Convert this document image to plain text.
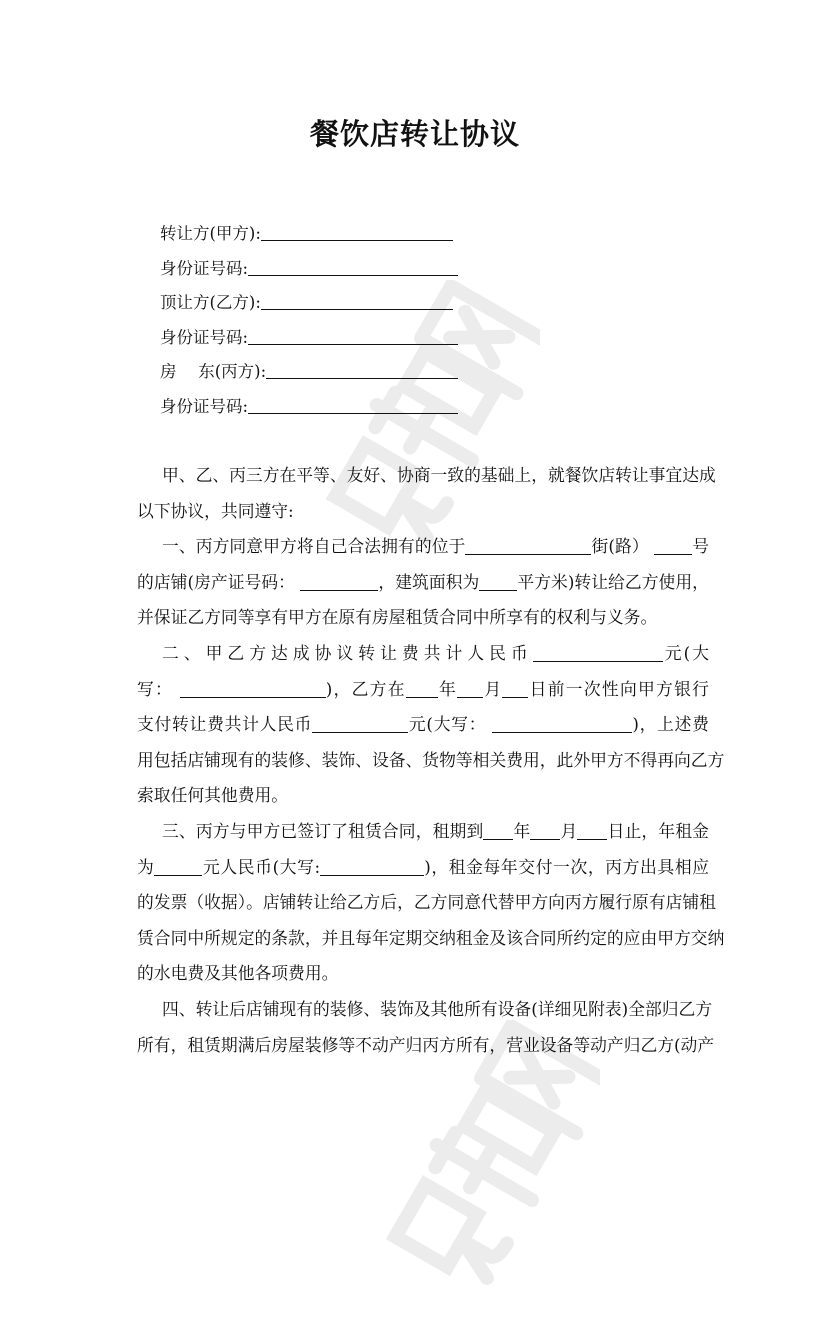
餐饮店转让协议
转让方(甲方):
身份证号码:
顶让方(乙方):
身份证号码:
房　 东(丙方):
身份证号码:
甲、乙、丙三方在平等、友好、协商一致的基础上，就餐饮店转让事宜达成
以下协议，共同遵守:
一、丙方同意甲方将自己合法拥有的位于	街(路）	号
的店铺(房产证号码：	，建筑面积为 平方米)转让给乙方使用，
并保证乙方同等享有甲方在原有房屋租赁合同中所享有的权利与义务。
二、甲乙方达成协议转让费共计人民币	元(大
写：	)，乙方在 年 月 日前一次性向甲方银行
支付转让费共计人民币	元(大写：	)，上述费
用包括店铺现有的装修、装饰、设备、货物等相关费用，此外甲方不得再向乙方
索取任何其他费用。
三、丙方与甲方已签订了租赁合同，租期到 年 月 日止，年租金
为	元人民币(大写:	)，租金每年交付一次，丙方出具相应
的发票（收据）。店铺转让给乙方后，乙方同意代替甲方向丙方履行原有店铺租
赁合同中所规定的条款，并且每年定期交纳租金及该合同所约定的应由甲方交纳
的水电费及其他各项费用。
四、转让后店铺现有的装修、装饰及其他所有设备(详细见附表)全部归乙方
所有，租赁期满后房屋装修等不动产归丙方所有，营业设备等动产归乙方(动产
